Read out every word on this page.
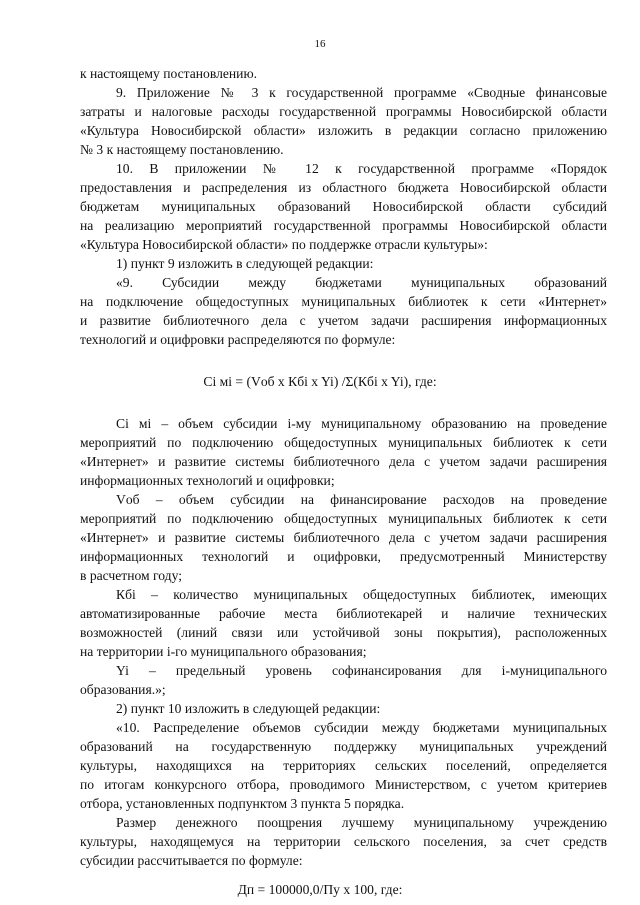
16
к настоящему постановлению.
9. Приложение № 3 к государственной программе «Сводные финансовые
затраты и налоговые расходы государственной программы Новосибирской области
«Культура Новосибирской области» изложить в редакции согласно приложению
№ 3 к настоящему постановлению.
10. В приложении № 12 к государственной программе «Порядок
предоставления и распределения из областного бюджета Новосибирской области
бюджетам муниципальных образований Новосибирской области субсидий
на реализацию мероприятий государственной программы Новосибирской области
«Культура Новосибирской области» по поддержке отрасли культуры»:
1) пункт 9 изложить в следующей редакции:
«9. Субсидии между бюджетами муниципальных образований
на подключение общедоступных муниципальных библиотек к сети «Интернет»
и развитие библиотечного дела с учетом задачи расширения информационных
технологий и оцифровки распределяются по формуле:
Ci мi = (Vоб x Кбi x Yi) /Σ(Кбi x Yi), где:
Ci мi – объем субсидии i-му муниципальному образованию на проведение
мероприятий по подключению общедоступных муниципальных библиотек к сети
«Интернет» и развитие системы библиотечного дела с учетом задачи расширения
информационных технологий и оцифровки;
Vоб – объем субсидии на финансирование расходов на проведение
мероприятий по подключению общедоступных муниципальных библиотек к сети
«Интернет» и развитие системы библиотечного дела с учетом задачи расширения
информационных технологий и оцифровки, предусмотренный Министерству
в расчетном году;
Кбi – количество муниципальных общедоступных библиотек, имеющих
автоматизированные рабочие места библиотекарей и наличие технических
возможностей (линий связи или устойчивой зоны покрытия), расположенных
на территории i-го муниципального образования;
Yi – предельный уровень софинансирования для i-муниципального
образования.»;
2) пункт 10 изложить в следующей редакции:
«10. Распределение объемов субсидии между бюджетами муниципальных
образований на государственную поддержку муниципальных учреждений
культуры, находящихся на территориях сельских поселений, определяется
по итогам конкурсного отбора, проводимого Министерством, с учетом критериев
отбора, установленных подпунктом 3 пункта 5 порядка.
Размер денежного поощрения лучшему муниципальному учреждению
культуры, находящемуся на территории сельского поселения, за счет средств
субсидии рассчитывается по формуле:
Дп = 100000,0/Пу x 100, где:
